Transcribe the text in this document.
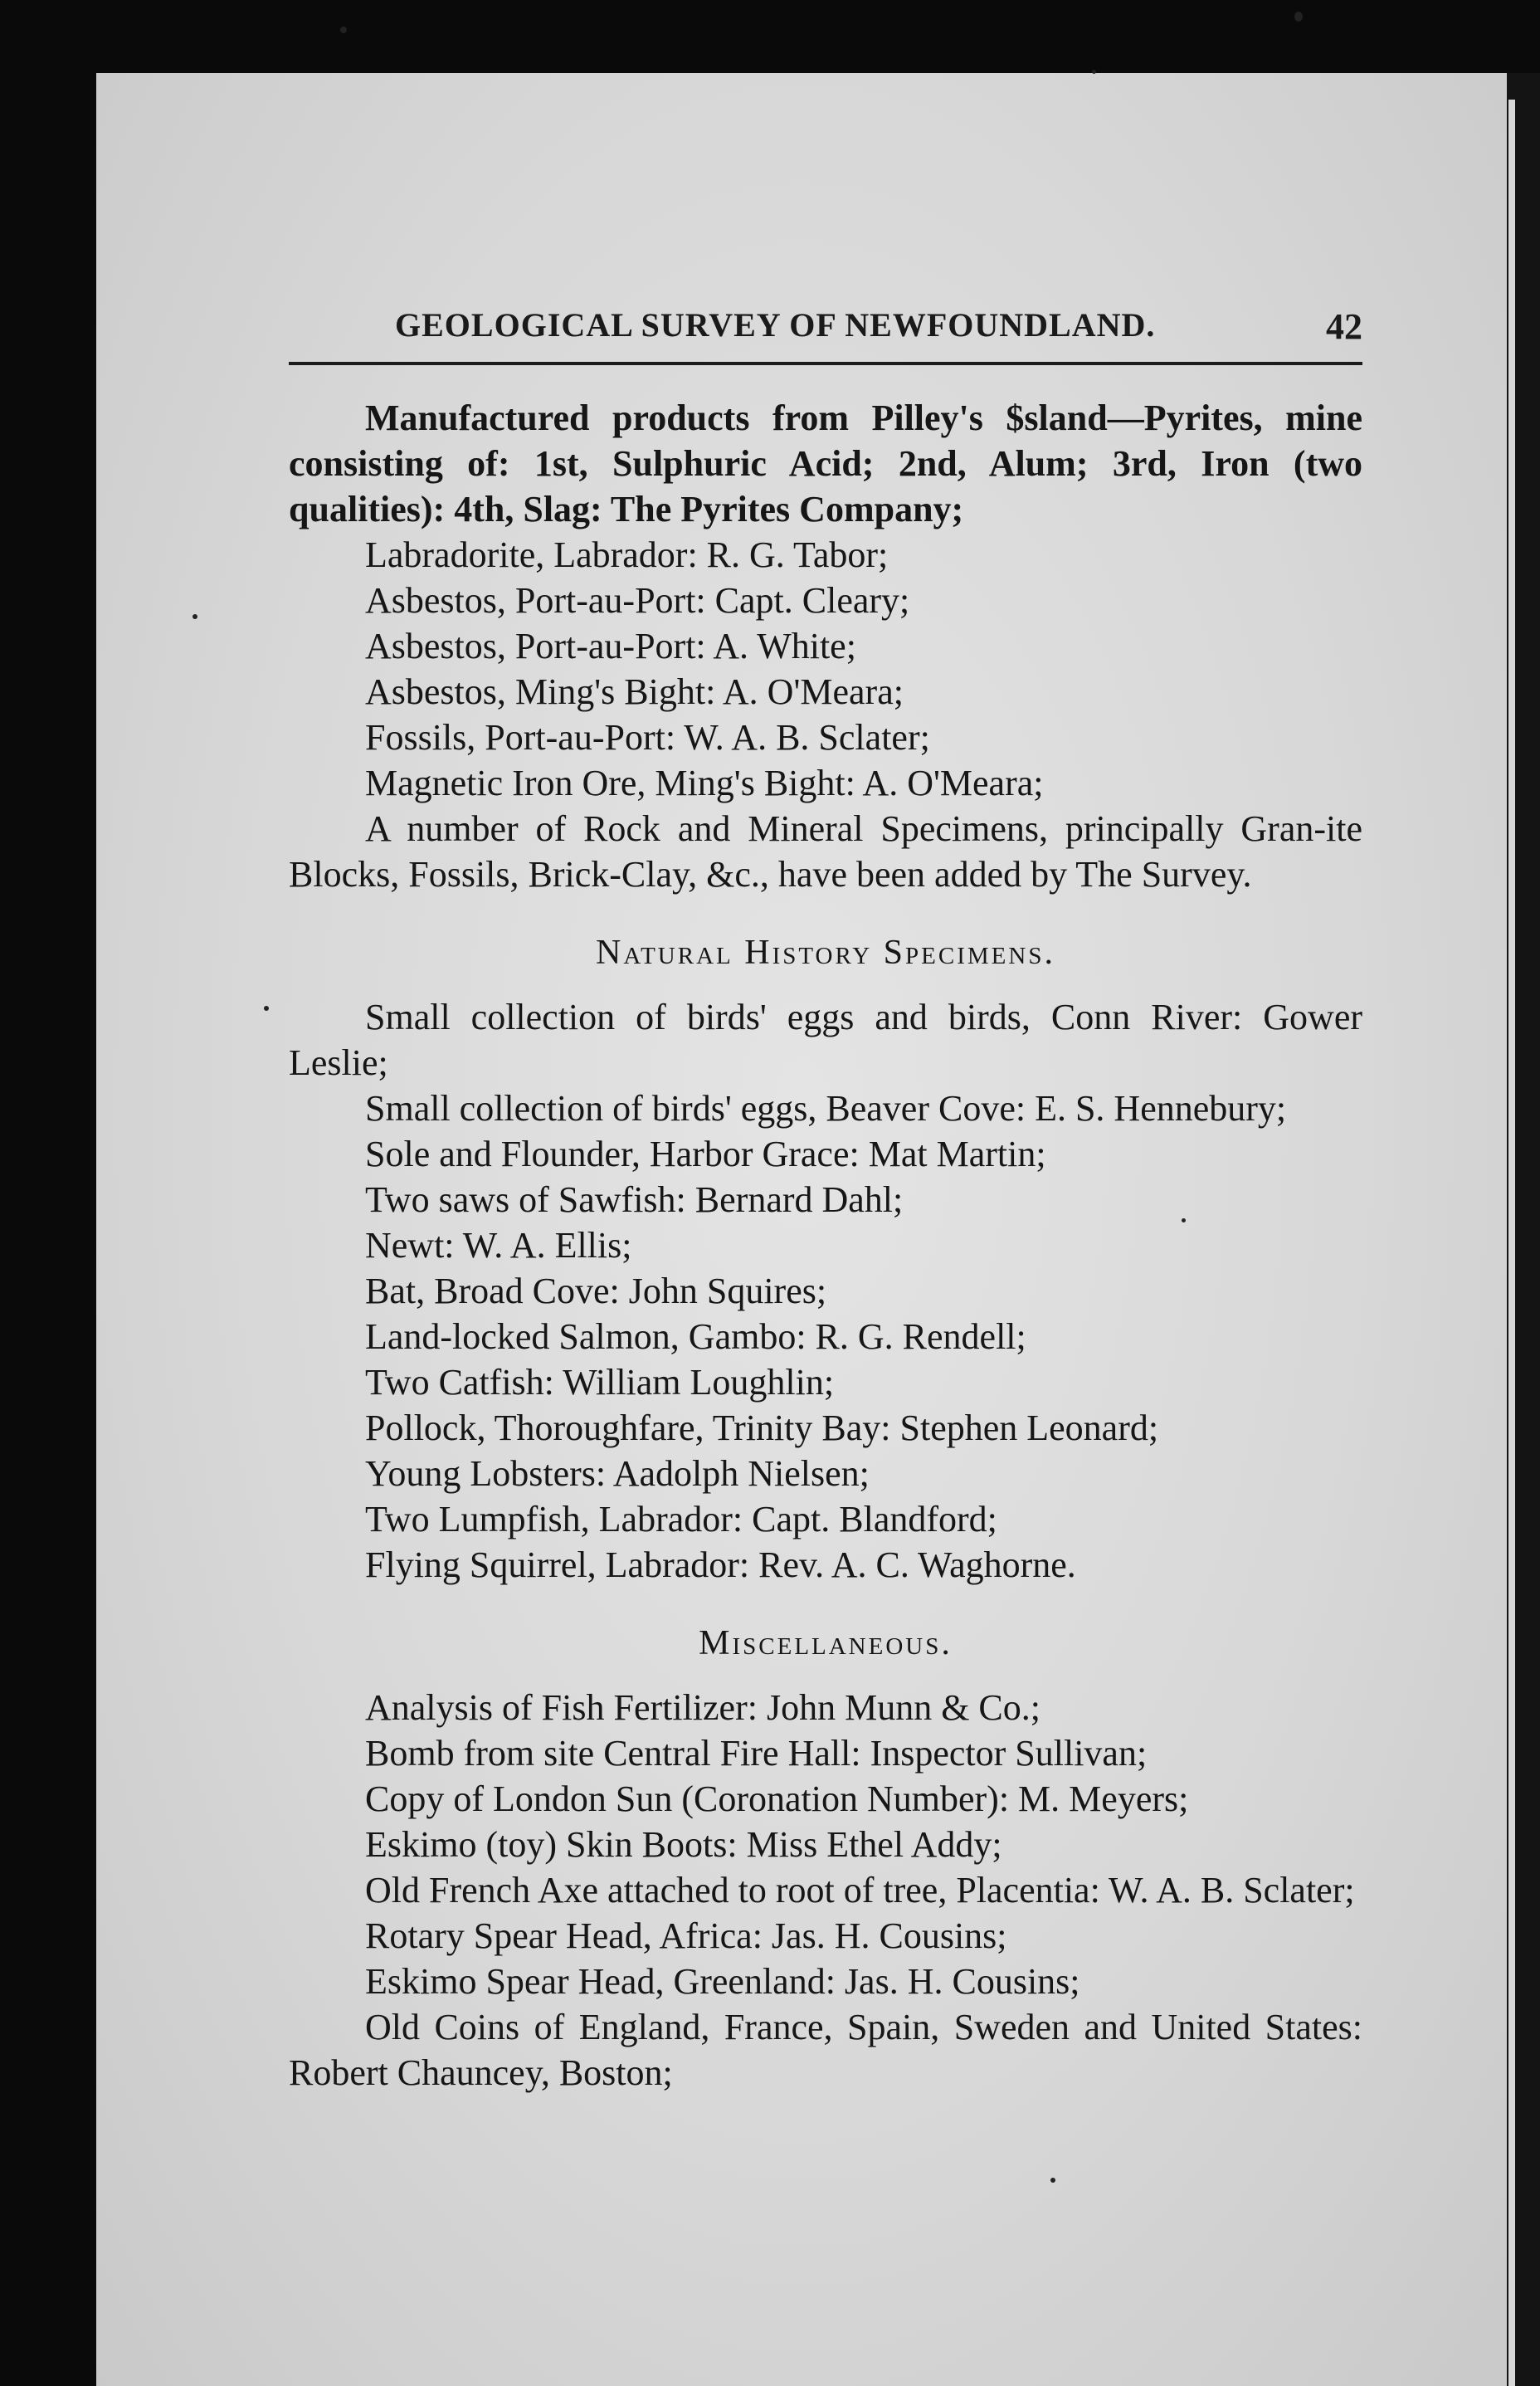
GEOLOGICAL SURVEY OF NEWFOUNDLAND.	42

Manufactured products from Pilley's $sland—Pyrites, mine consisting of: 1st, Sulphuric Acid; 2nd, Alum; 3rd, Iron (two qualities): 4th, Slag: The Pyrites Company;

Labradorite, Labrador: R. G. Tabor;

Asbestos, Port-au-Port: Capt. Cleary;

Asbestos, Port-au-Port: A. White;

Asbestos, Ming's Bight: A. O'Meara;

Fossils, Port-au-Port: W. A. B. Sclater;

Magnetic Iron Ore, Ming's Bight: A. O'Meara;

A number of Rock and Mineral Specimens, principally Gran-ite Blocks, Fossils, Brick-Clay, &c., have been added by The Survey.

Natural History Specimens.

Small collection of birds' eggs and birds, Conn River: Gower Leslie;

Small collection of birds' eggs, Beaver Cove: E. S. Hennebury;

Sole and Flounder, Harbor Grace: Mat Martin;

Two saws of Sawfish: Bernard Dahl;

Newt: W. A. Ellis;

Bat, Broad Cove: John Squires;

Land-locked Salmon, Gambo: R. G. Rendell;

Two Catfish: William Loughlin;

Pollock, Thoroughfare, Trinity Bay: Stephen Leonard;

Young Lobsters: Aadolph Nielsen;

Two Lumpfish, Labrador: Capt. Blandford;

Flying Squirrel, Labrador: Rev. A. C. Waghorne.

Miscellaneous.

Analysis of Fish Fertilizer: John Munn & Co.;

Bomb from site Central Fire Hall: Inspector Sullivan;

Copy of London Sun (Coronation Number): M. Meyers;

Eskimo (toy) Skin Boots: Miss Ethel Addy;

Old French Axe attached to root of tree, Placentia: W. A. B. Sclater;

Rotary Spear Head, Africa: Jas. H. Cousins;

Eskimo Spear Head, Greenland: Jas. H. Cousins;

Old Coins of England, France, Spain, Sweden and United States: Robert Chauncey, Boston;
